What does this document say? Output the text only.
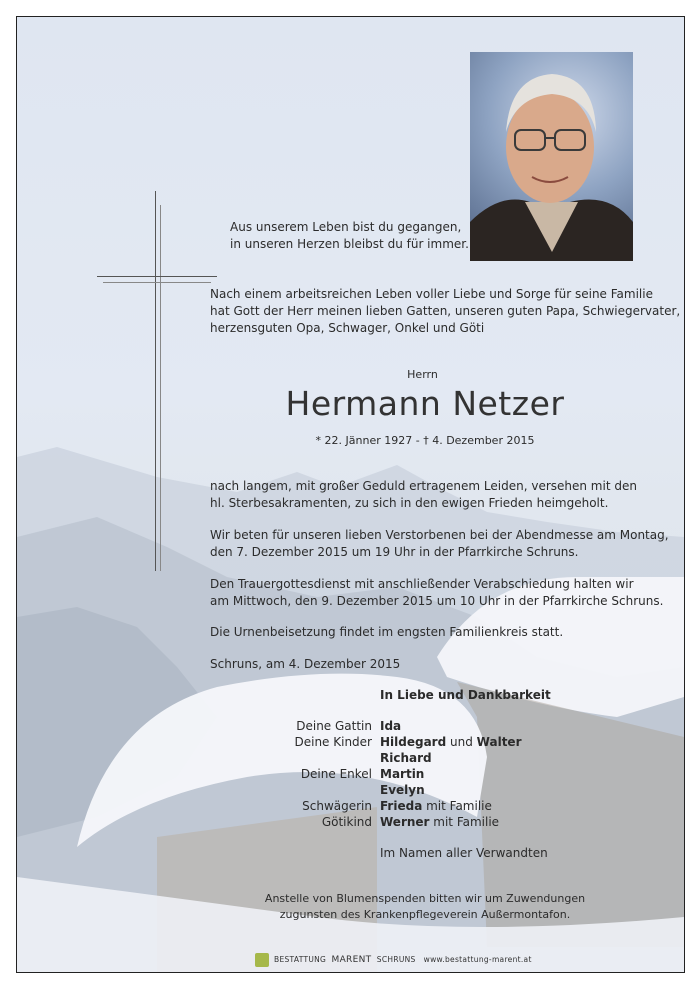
Aus unserem Leben bist du gegangen,
in unseren Herzen bleibst du für immer.
Nach einem arbeitsreichen Leben voller Liebe und Sorge für seine Familie
hat Gott der Herr meinen lieben Gatten, unseren guten Papa, Schwiegervater,
herzensguten Opa, Schwager, Onkel und Göti
Herrn
Hermann Netzer
* 22. Jänner 1927 - † 4. Dezember 2015
nach langem, mit großer Geduld ertragenem Leiden, versehen mit den
hl. Sterbesakramenten, zu sich in den ewigen Frieden heimgeholt.
Wir beten für unseren lieben Verstorbenen bei der Abendmesse am Montag,
den 7. Dezember 2015 um 19 Uhr in der Pfarrkirche Schruns.
Den Trauergottesdienst mit anschließender Verabschiedung halten wir
am Mittwoch, den 9. Dezember 2015 um 10 Uhr in der Pfarrkirche Schruns.
Die Urnenbeisetzung findet im engsten Familienkreis statt.
Schruns, am 4. Dezember 2015
In Liebe und Dankbarkeit
Deine Gattin Ida
Deine Kinder Hildegard und Walter
Richard
Deine Enkel Martin
Evelyn
Schwägerin Frieda mit Familie
Götikind Werner mit Familie
Im Namen aller Verwandten
Anstelle von Blumenspenden bitten wir um Zuwendungen
zugunsten des Krankenpflegeverein Außermontafon.
BESTATTUNG MARENT SCHRUNS www.bestattung-marent.at
